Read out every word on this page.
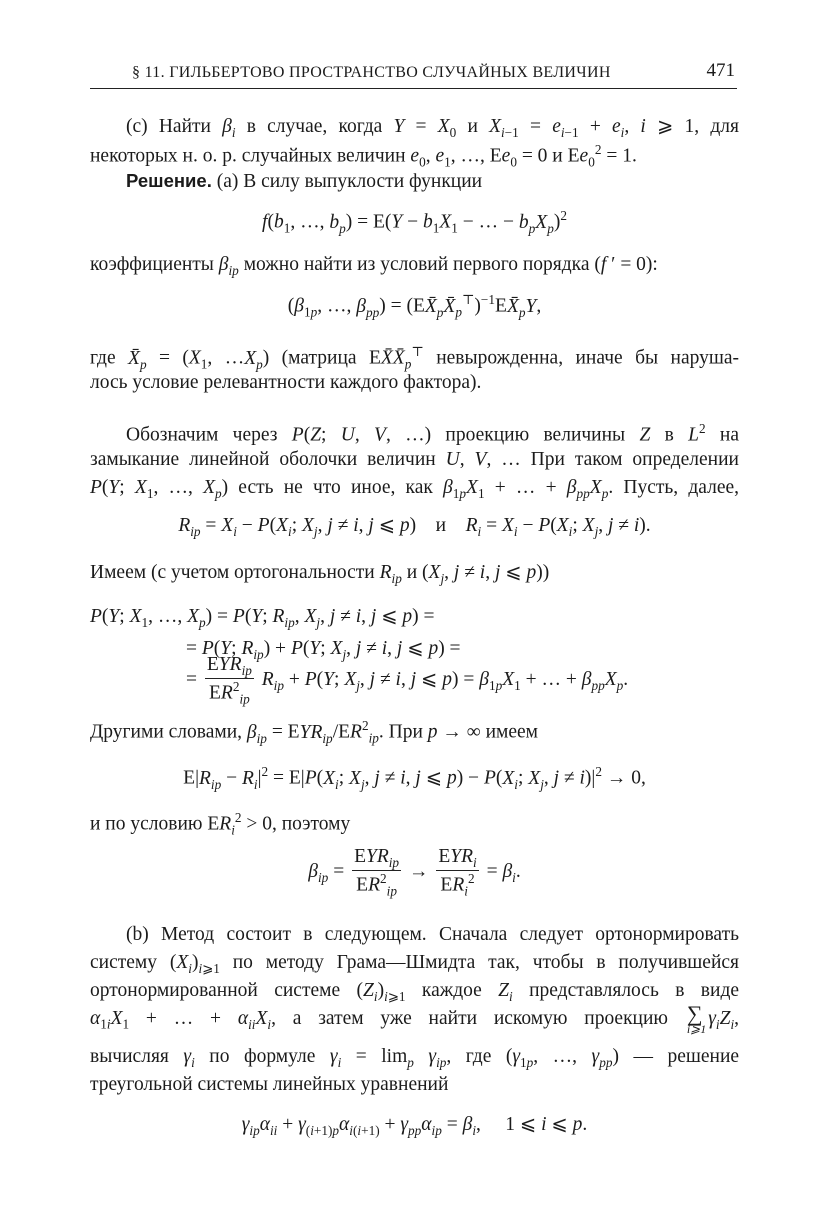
§ 11. ГИЛЬБЕРТОВО ПРОСТРАНСТВО СЛУЧАЙНЫХ ВЕЛИЧИН	471
(c) Найти $\beta_i$ в случае, когда $Y = X_0$ и $X_{i-1} = e_{i-1} + e_i$, i ⩾ 1, для
некоторых н. о. р. случайных величин $e_0$, $e_1$, …, $Ee_0 = 0$ и $Ee_0^2 = 1$.
Решение. (a) В силу выпуклости функции
$f(b_1$, …, $b_p) = E(Y - b_1X_1$ − … − $b_pX_p)^2$
коэффициенты $\beta_{ip}$ можно найти из условий первого порядка (f ′ = 0):
($\beta_{1p}$, …, $\beta_{pp}$) = $(EX̄_pX̄_p^⊤)^{-1}EX̄_pY$,
где $X̄_p = (X_1$, $\dots X_p$) (матрица $EX̄X̄_p^⊤$ невырожденна, иначе бы наруша-
лось условие релевантности каждого фактора).
Обозначим через P(Z; U, V, …) проекцию величины Z в $L^2$ на
замыкание линейной оболочки величин U, V, … При таком определении
P(Y; $X_1$, …, $X_p$) есть не что иное, как $\beta_{1p}X_1$ + … + $\beta_{pp}X_p$. Пусть, далее,
$R_{ip} = X_i - P(X_i$; $X_j$, j ≠ i, j ⩽ p)    и $R_i = X_i - P(X_i$; $X_j$, j ≠ i).
Имеем (с учетом ортогональности $R_{ip}$ и ($X_j$, j ≠ i, j ⩽ p))
P(Y; $X_1$, …, $X_p) = P(Y$; $R_{ip}$, $X_j$, j ≠ i, j ⩽ p) =
= P(Y; $R_{ip}) + P(Y$; $X_j$, j ≠ i, j ⩽ p) =
= $\frac{EYR_{ip}}{ER^2_{ip}} R_{ip} + P(Y$; $X_j$, j ≠ i, j ⩽ $p) = \beta_{1p}X_1$ + … + $\beta_{pp}X_p$.
Другими словами, $\beta_{ip} = EYR_{ip}/ER^2_{ip}$. При p → ∞ имеем
$E|R_{ip} - R_i|^2 = E|P(X_i$; $X_j$, j ≠ i, j ⩽ $p) - P(X_i$; $X_j$, $j \ne i)|^2 \to 0$,
и по условию $ER_i^2 > 0$, поэтому
$\beta_{ip} = \frac{EYR_{ip}}{ER^2_{ip}} \to \frac{EYR_i}{ER_i^2} = \beta_i$.
(b) Метод состоит в следующем. Сначала следует ортонормировать
систему $(X_i)_{i⩾1}$ по методу Грама—Шмидта так, чтобы в получившейся
ортонормированной системе $(Z_i)_{i⩾1}$ каждое $Z_i$ представлялось в виде
$\alpha_{1i}X_1$ + … + $\alpha_{ii}X_i$, а затем уже найти искомую проекцию ∑
i⩾1
$\gamma_iZ_i$,
вычисляя $\gamma_i$ по формуле $\gamma_i = \lim_p \gamma_{ip}$, где ($\gamma_{1p}$, …, $\gamma_{pp}$) — решение
треугольной системы линейных уравнений
$\gamma_{ip}\alpha_{ii} + \gamma_{(i+1)p}\alpha_{i(i+1)} + \gamma_{pp}\alpha_{ip} = \beta_i$,     1 ⩽ i ⩽ p.
